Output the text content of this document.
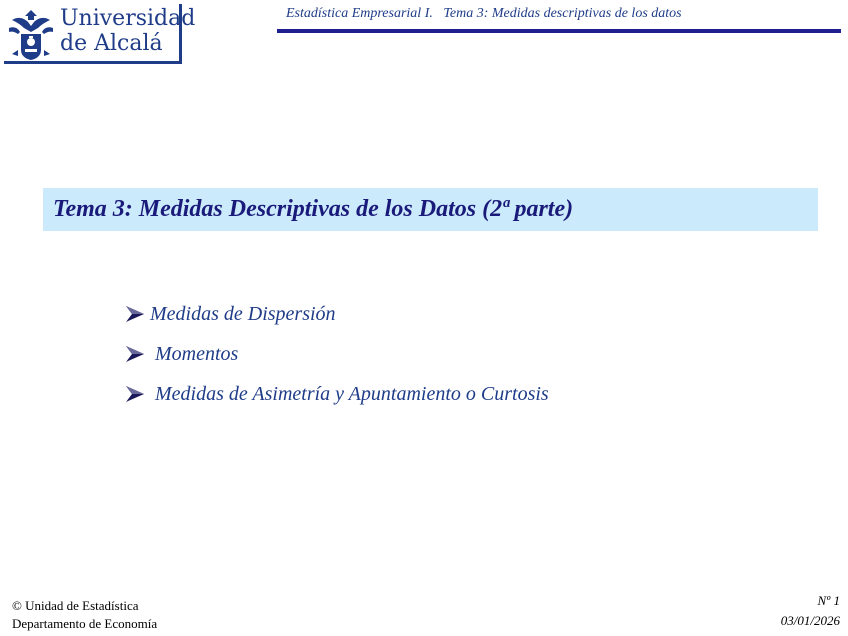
Universidad
de Alcalá
Estadística Empresarial I.   Tema 3: Medidas descriptivas de los datos
Tema 3: Medidas Descriptivas de los Datos (2ª parte)
Medidas de Dispersión
Momentos
Medidas de Asimetría y Apuntamiento o Curtosis
© Unidad de Estadística
Departamento de Economía
Nº 1
03/01/2026
